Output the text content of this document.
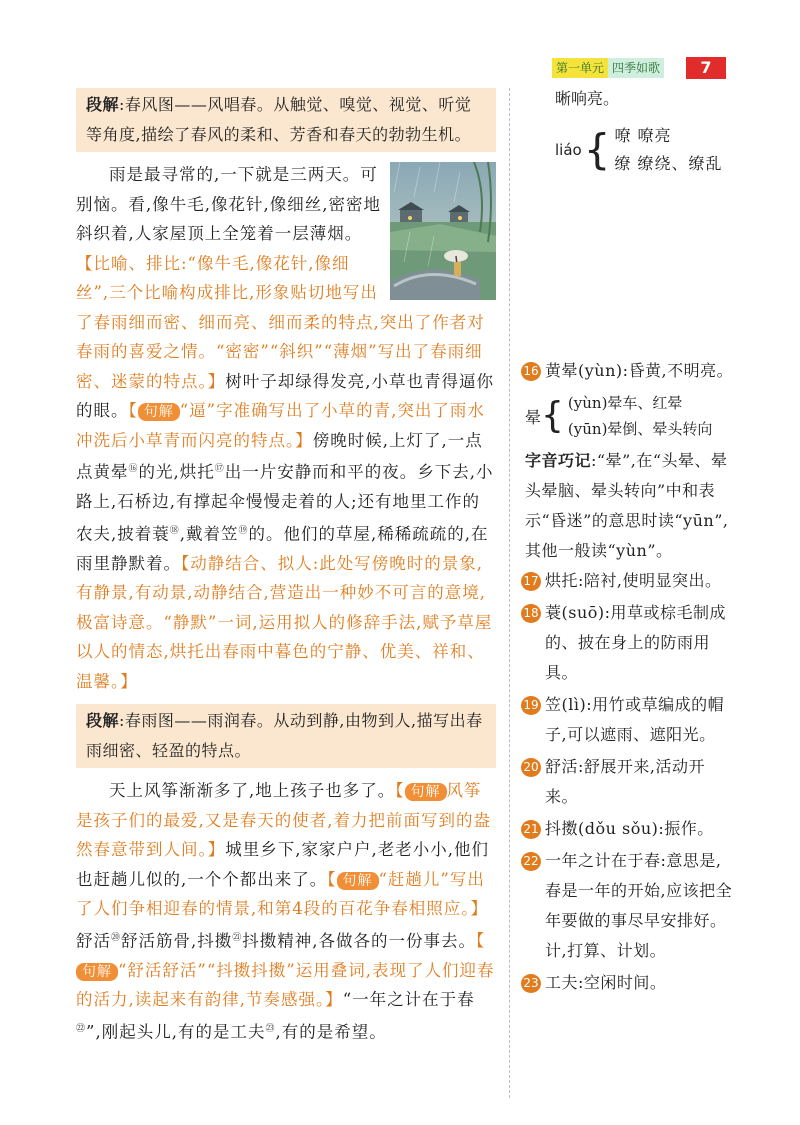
第一单元 四季如歌	7
段解:春风图——风唱春。从触觉、嗅觉、视觉、听觉等角度,描绘了春风的柔和、芳香和春天的勃勃生机。

雨是最寻常的,一下就是三两天。可别恼。看,像牛毛,像花针,像细丝,密密地斜织着,人家屋顶上全笼着一层薄烟。【比喻、排比:“像牛毛,像花针,像细丝”,三个比喻构成排比,形象贴切地写出了春雨细而密、细而亮、细而柔的特点,突出了作者对春雨的喜爱之情。“密密”“斜织”“薄烟”写出了春雨细密、迷蒙的特点。】树叶子却绿得发亮,小草也青得逼你的眼。【 句解 “逼”字准确写出了小草的青,突出了雨水冲洗后小草青而闪亮的特点。】傍晚时候,上灯了,一点点黄晕⑯的光,烘托⑰出一片安静而和平的夜。乡下去,小路上,石桥边,有撑起伞慢慢走着的人;还有地里工作的农夫,披着蓑⑱,戴着笠⑲的。他们的草屋,稀稀疏疏的,在雨里静默着。【动静结合、拟人:此处写傍晚时的景象,有静景,有动景,动静结合,营造出一种妙不可言的意境,极富诗意。“静默”一词,运用拟人的修辞手法,赋予草屋以人的情态,烘托出春雨中暮色的宁静、优美、祥和、温馨。】

段解:春雨图——雨润春。从动到静,由物到人,描写出春雨细密、轻盈的特点。

天上风筝渐渐多了,地上孩子也多了。【 句解 风筝是孩子们的最爱,又是春天的使者,着力把前面写到的盎然春意带到人间。】城里乡下,家家户户,老老小小,他们也赶趟儿似的,一个个都出来了。【 句解 “赶趟儿”写出了人们争相迎春的情景,和第4段的百花争春相照应。】舒活⑳舒活筋骨,抖擞$^㉑$抖擞精神,各做各的一份事去。【句解 “舒活舒活”“抖擞抖擞”运用叠词,表现了人们迎春的活力,读起来有韵律,节奏感强。】“一年之计在于春$^㉒$”,刚起头儿,有的是工夫$^㉓$,有的是希望。

晰响亮。
liáo { 嘹 嘹亮
缭 缭绕、缭乱
16 黄晕(yùn):昏黄,不明亮。
晕 { (yùn)晕车、红晕
(yūn)晕倒、晕头转向
字音巧记:“晕”,在“头晕、晕头晕脑、晕头转向”中和表示“昏迷”的意思时读“yūn”,其他一般读“yùn”。
17 烘托:陪衬,使明显突出。
18 蓑(suō):用草或棕毛制成的、披在身上的防雨用具。
19 笠(lì):用竹或草编成的帽子,可以遮雨、遮阳光。
20 舒活:舒展开来,活动开来。
21 抖擞(dǒu sǒu):振作。
22 一年之计在于春:意思是,春是一年的开始,应该把全年要做的事尽早安排好。计,打算、计划。
23 工夫:空闲时间。
